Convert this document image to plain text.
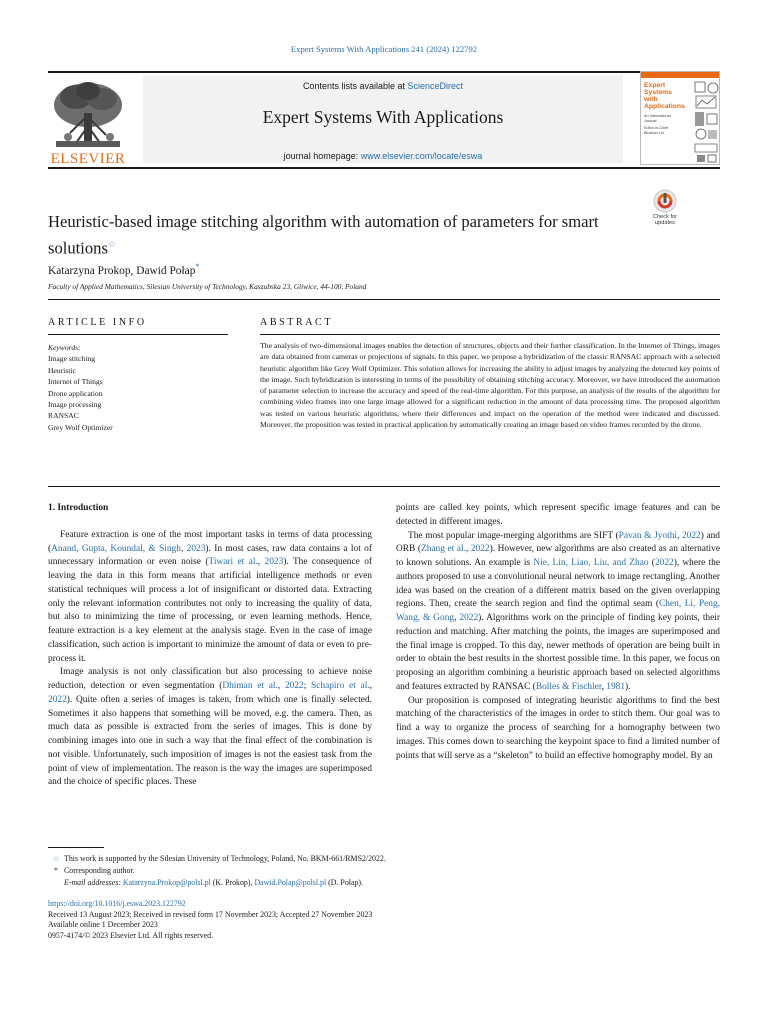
Expert Systems With Applications 241 (2024) 122792
ELSEVIER
Contents lists available at ScienceDirect
Expert Systems With Applications
journal homepage: www.elsevier.com/locate/eswa
Expert
Systems
with
Applications
An International
Journal
Editor-in-Chief
Binshan Lin
Heuristic-based image stitching algorithm with automation of parameters for smart solutions☆
Check for
updates
Katarzyna Prokop, Dawid Połap*
Faculty of Applied Mathematics, Silesian University of Technology, Kaszubska 23, Gliwice, 44-100, Poland
ARTICLE INFO	ABSTRACT
Keywords:
Image stitching
Heuristic
Internet of Things
Drone application
Image processing
RANSAC
Grey Wolf Optimizer
The analysis of two-dimensional images enables the detection of structures, objects and their further classification. In the Internet of Things, images are data obtained from cameras or projections of signals. In this paper, we propose a hybridization of the classic RANSAC approach with a selected heuristic algorithm like Grey Wolf Optimizer. This solution allows for increasing the ability to adjust images by analyzing the detected key points of the image. Such hybridization is interesting in terms of the possibility of obtaining stitching accuracy. Moreover, we have introduced the automation of parameter selection to increase the accuracy and speed of the real-time algorithm. For this purpose, an analysis of the results of the algorithm for combining video frames into one large image allowed for a significant reduction in the amount of data processing time. The proposed algorithm was tested on various heuristic algorithms, where their differences and impact on the operation of the method were indicated and discussed. Moreover, the proposition was tested in practical application by automatically creating an image based on video frames recorded by the drone.
1. Introduction

Feature extraction is one of the most important tasks in terms of data processing (Anand, Gupta, Koundal, & Singh, 2023). In most cases, raw data contains a lot of unnecessary information or even noise (Tiwari et al., 2023). The consequence of leaving the data in this form means that artificial intelligence methods or even statistical techniques will process a lot of insignificant or distorted data. Extracting only the relevant information contributes not only to increasing the quality of data, but also to minimizing the time of processing, or even learning methods. Hence, feature extraction is a key element at the analysis stage. Even in the case of image classification, such action is important to minimize the amount of data or even to pre-process it.

Image analysis is not only classification but also processing to achieve noise reduction, detection or even segmentation (Dhiman et al., 2022; Schapiro et al., 2022). Quite often a series of images is taken, from which one is finally selected. Sometimes it also happens that something will be moved, e.g. the camera. Then, as much data as possible is extracted from the series of images. This is done by combining images into one in such a way that the final effect of the combination is not visible. Unfortunately, such imposition of images is not the easiest task from the point of view of implementation. The reason is the way the images are superimposed and the choice of specific places. These

points are called key points, which represent specific image features and can be detected in different images.

The most popular image-merging algorithms are SIFT (Pavan & Jyothi, 2022) and ORB (Zhang et al., 2022). However, new algorithms are also created as an alternative to known solutions. An example is Nie, Lin, Liao, Liu, and Zhao (2022), where the authors proposed to use a convolutional neural network to image rectangling. Another idea was based on the creation of a different matrix based on the given overlapping regions. Then, create the search region and find the optimal seam (Chen, Li, Peng, Wang, & Gong, 2022). Algorithms work on the principle of finding key points, their reduction and matching. After matching the points, the images are superimposed and the final image is cropped. To this day, newer methods of operation are being built in order to obtain the best results in the shortest possible time. In this paper, we focus on proposing an algorithm combining a heuristic approach based on selected algorithms and features extracted by RANSAC (Bolles & Fischler, 1981).

Our proposition is composed of integrating heuristic algorithms to find the best matching of the characteristics of the images in order to stitch them. Our goal was to find a way to organize the process of searching for a homography between two images. This comes down to searching the keypoint space to find a limited number of points that will serve as a “skeleton” to build an effective homography model. By an

☆ This work is supported by the Silesian University of Technology, Poland, No. BKM-661/RMS2/2022.
* Corresponding author.
E-mail addresses: Katarzyna.Prokop@polsl.pl (K. Prokop), Dawid.Polap@polsl.pl (D. Połap).
https://doi.org/10.1016/j.eswa.2023.122792
Received 13 August 2023; Received in revised form 17 November 2023; Accepted 27 November 2023
Available online 1 December 2023
0957-4174/© 2023 Elsevier Ltd. All rights reserved.
